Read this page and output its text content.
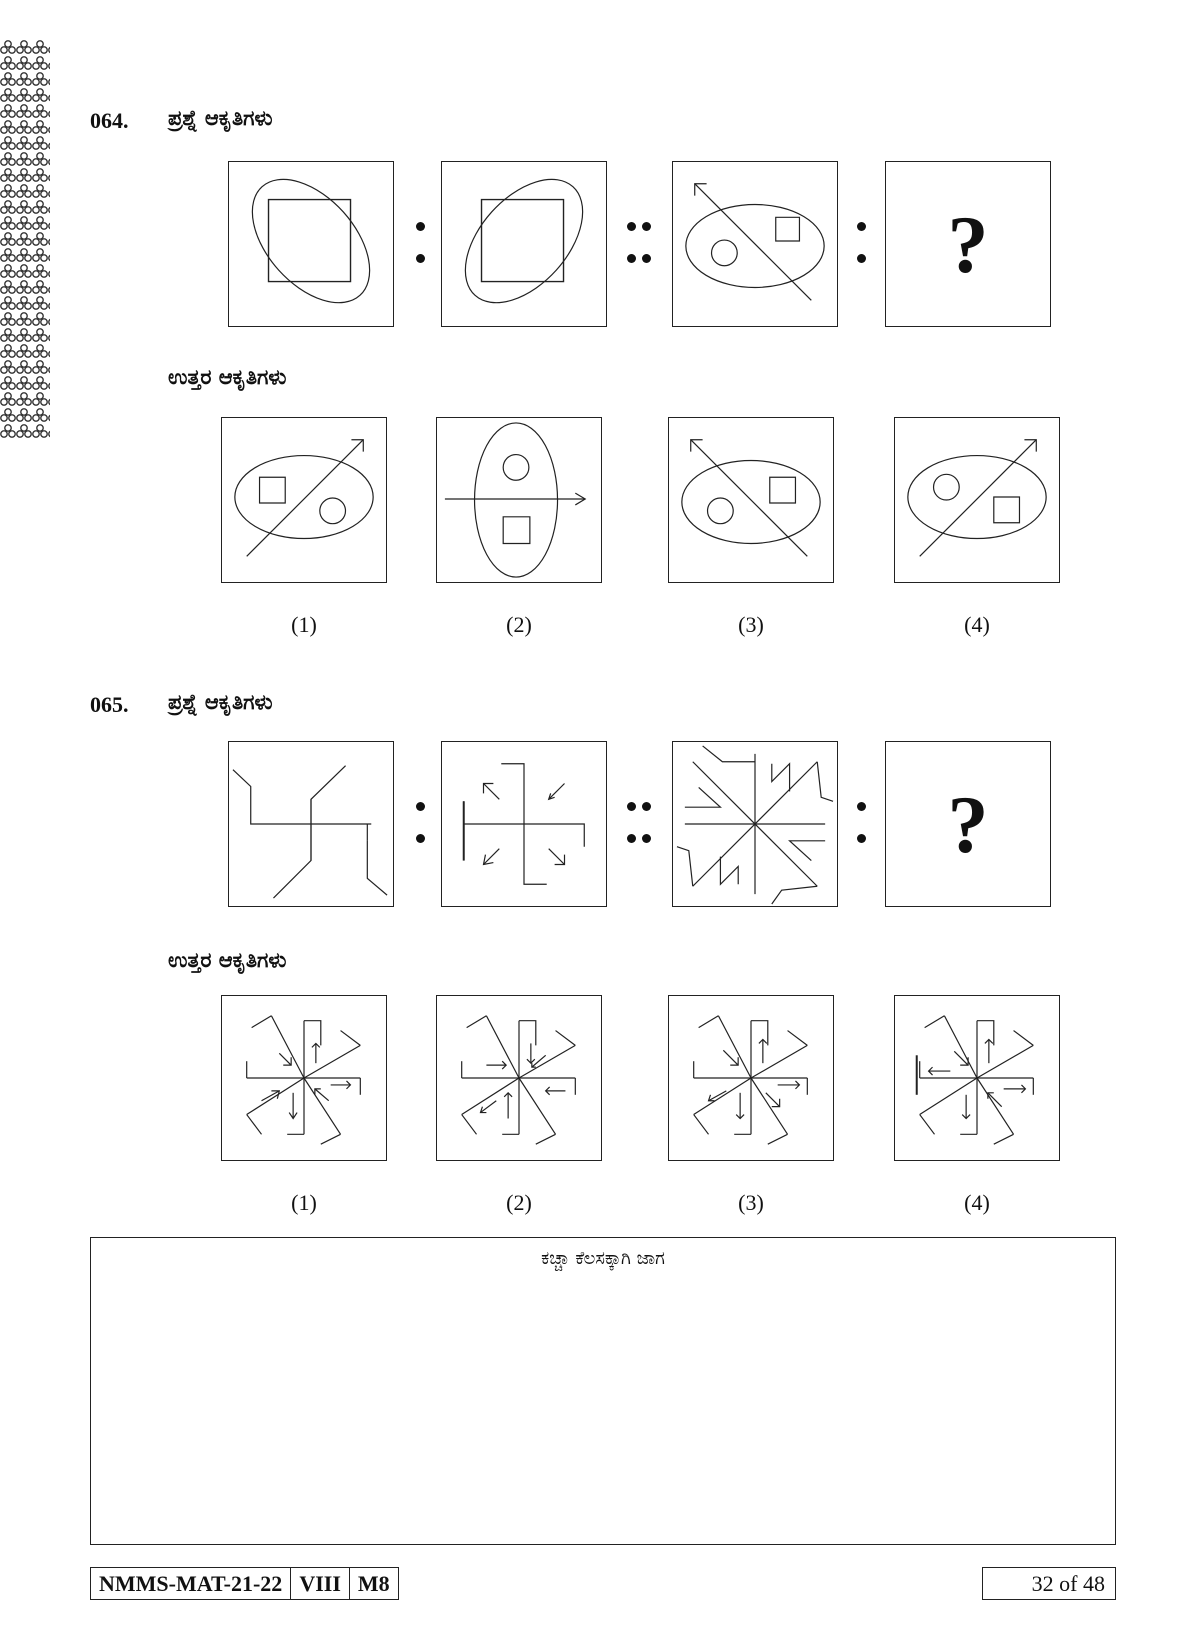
064. ಪ್ರಶ್ನೆ ಆಕೃತಿಗಳು
?
ಉತ್ತರ ಆಕೃತಿಗಳು
(1)	(2)	(3)	(4)
065. ಪ್ರಶ್ನೆ ಆಕೃತಿಗಳು
?
ಉತ್ತರ ಆಕೃತಿಗಳು
(1)	(2)	(3)	(4)
ಕಚ್ಚಾ ಕೆಲಸಕ್ಕಾಗಿ ಜಾಗ
NMMS-MAT-21-22 VIII M8	32 of 48
